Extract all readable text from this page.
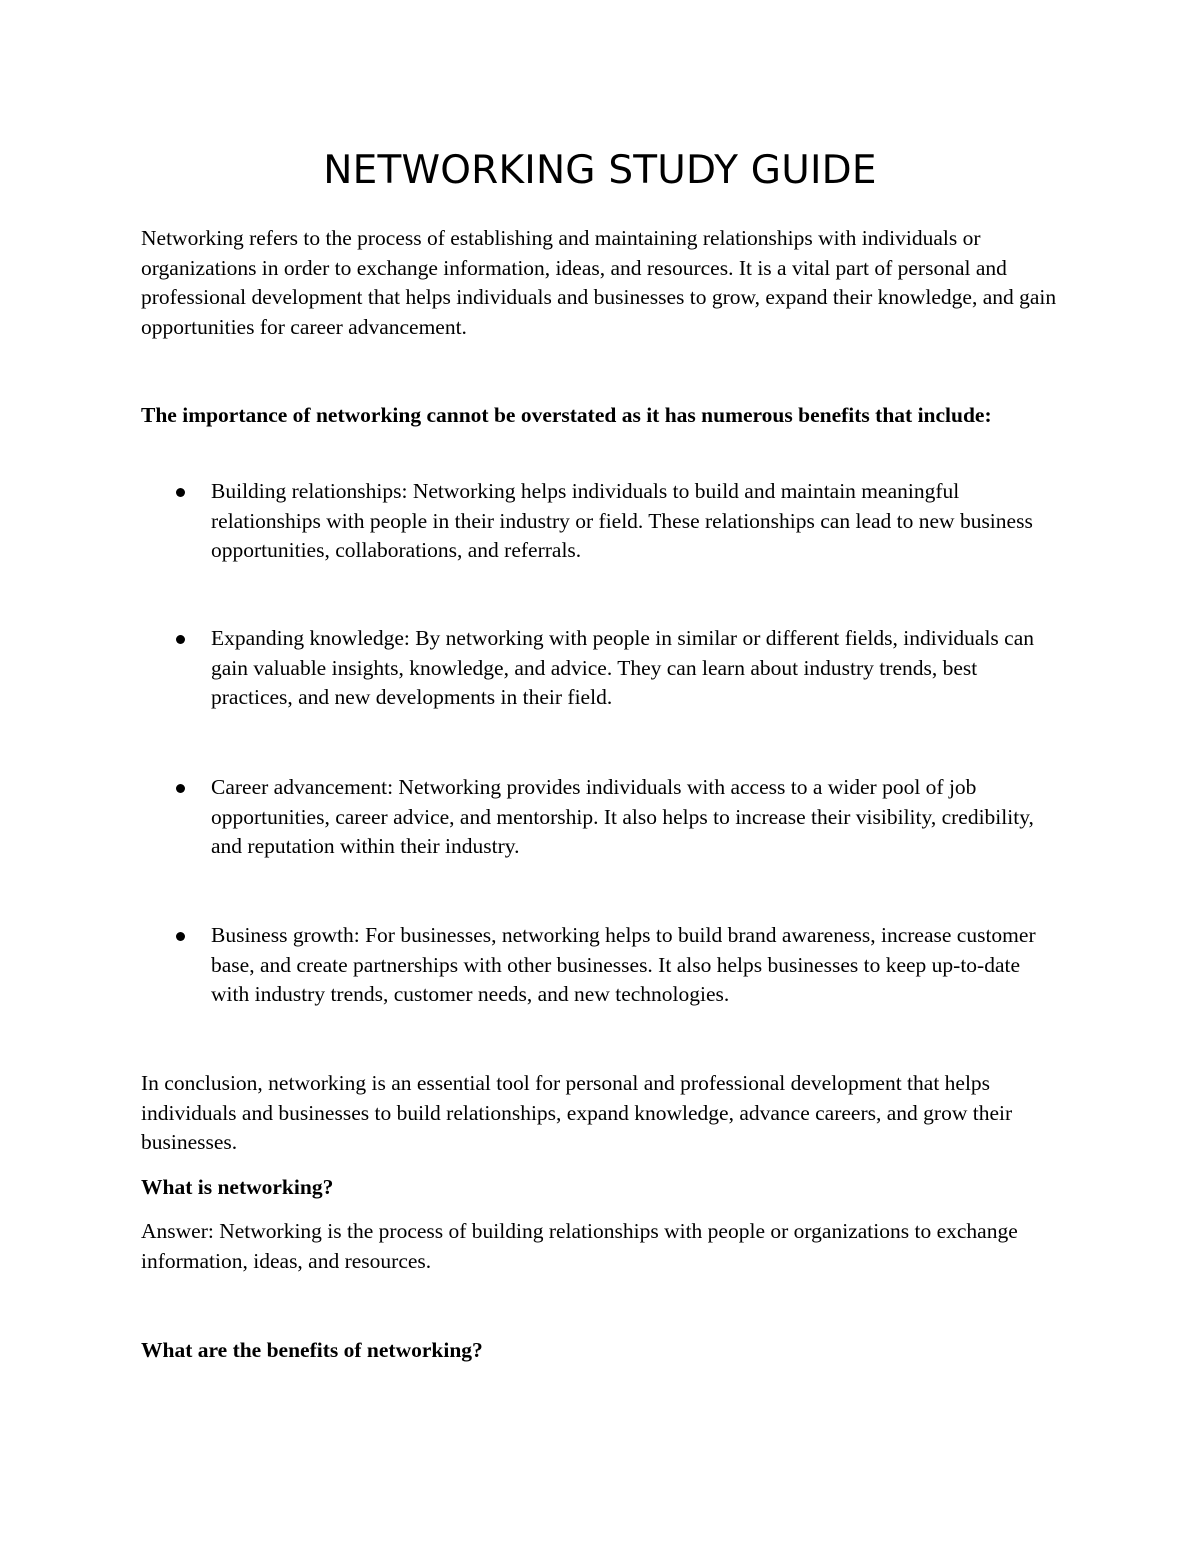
NETWORKING STUDY GUIDE

Networking refers to the process of establishing and maintaining relationships with individuals or organizations in order to exchange information, ideas, and resources. It is a vital part of personal and professional development that helps individuals and businesses to grow, expand their knowledge, and gain opportunities for career advancement.

The importance of networking cannot be overstated as it has numerous benefits that include:

Building relationships: Networking helps individuals to build and maintain meaningful relationships with people in their industry or field. These relationships can lead to new business opportunities, collaborations, and referrals.
Expanding knowledge: By networking with people in similar or different fields, individuals can gain valuable insights, knowledge, and advice. They can learn about industry trends, best practices, and new developments in their field.
Career advancement: Networking provides individuals with access to a wider pool of job opportunities, career advice, and mentorship. It also helps to increase their visibility, credibility, and reputation within their industry.
Business growth: For businesses, networking helps to build brand awareness, increase customer base, and create partnerships with other businesses. It also helps businesses to keep up-to-date with industry trends, customer needs, and new technologies.

In conclusion, networking is an essential tool for personal and professional development that helps individuals and businesses to build relationships, expand knowledge, advance careers, and grow their businesses.

What is networking?

Answer: Networking is the process of building relationships with people or organizations to exchange information, ideas, and resources.

What are the benefits of networking?
